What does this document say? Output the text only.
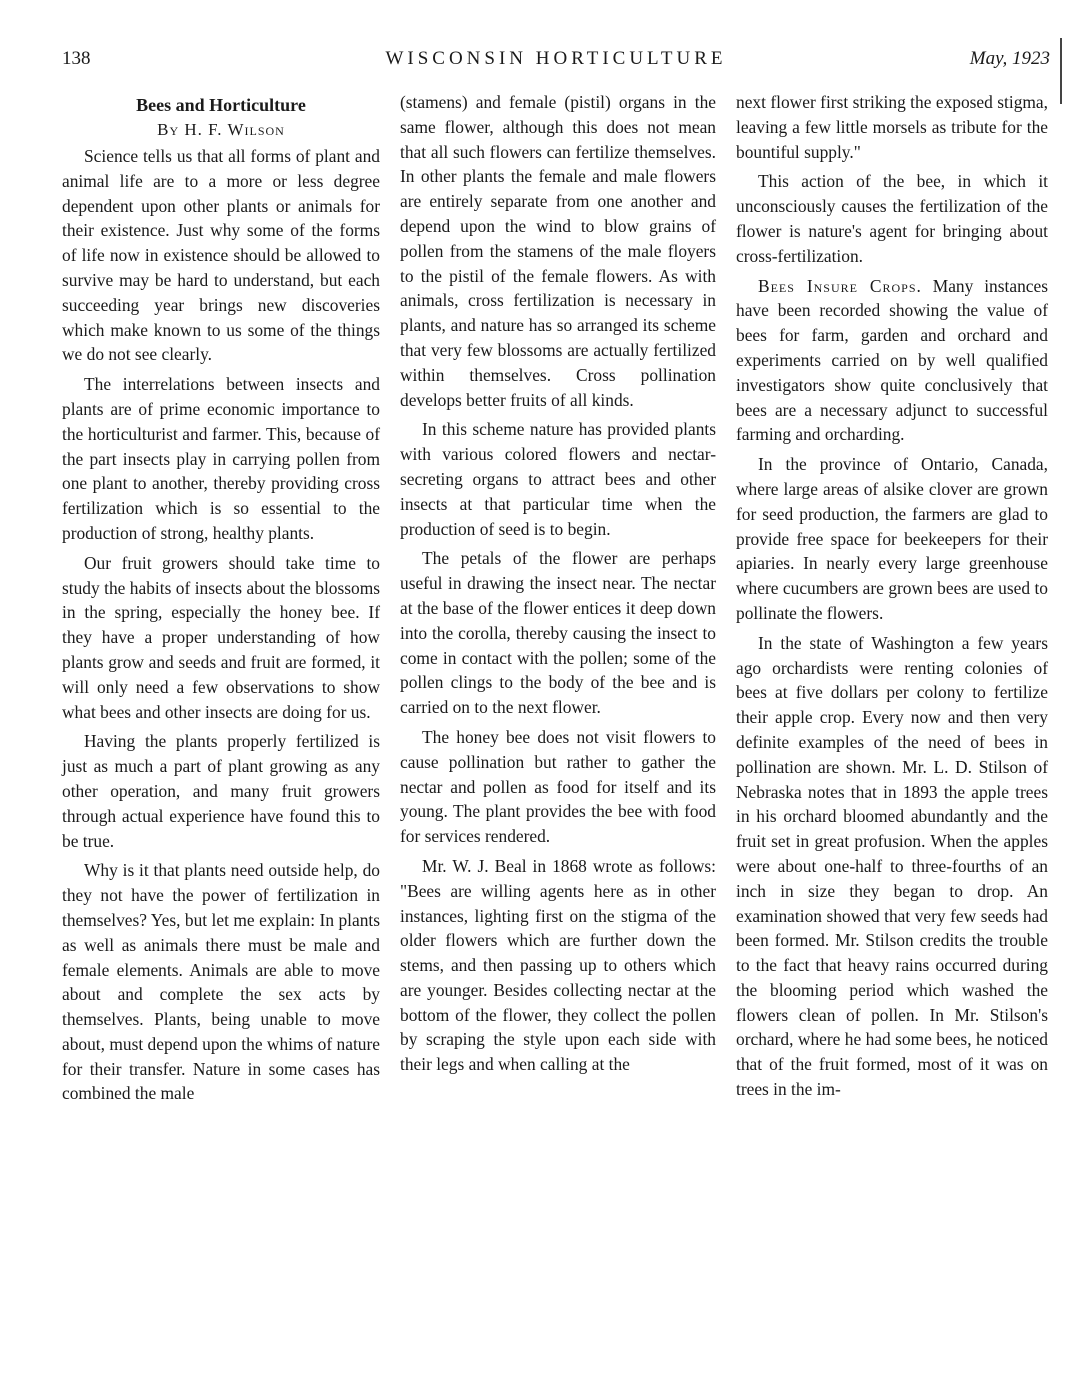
138	WISCONSIN HORTICULTURE	May, 1923
Bees and Horticulture
By H. F. Wilson

Science tells us that all forms of plant and animal life are to a more or less degree dependent upon other plants or animals for their existence. Just why some of the forms of life now in existence should be allowed to survive may be hard to understand, but each succeeding year brings new discoveries which make known to us some of the things we do not see clearly.

The interrelations between insects and plants are of prime economic importance to the horticulturist and farmer. This, because of the part insects play in carrying pollen from one plant to another, thereby providing cross fertilization which is so essential to the production of strong, healthy plants.

Our fruit growers should take time to study the habits of insects about the blossoms in the spring, especially the honey bee. If they have a proper understanding of how plants grow and seeds and fruit are formed, it will only need a few observations to show what bees and other insects are doing for us.

Having the plants properly fertilized is just as much a part of plant growing as any other operation, and many fruit growers through actual experience have found this to be true.

Why is it that plants need outside help, do they not have the power of fertilization in themselves? Yes, but let me explain: In plants as well as animals there must be male and female elements. Animals are able to move about and complete the sex acts by themselves. Plants, being unable to move about, must depend upon the whims of nature for their transfer. Nature in some cases has combined the male

(stamens) and female (pistil) organs in the same flower, although this does not mean that all such flowers can fertilize themselves. In other plants the female and male flowers are entirely separate from one another and depend upon the wind to blow grains of pollen from the stamens of the male floyers to the pistil of the female flowers. As with animals, cross fertilization is necessary in plants, and nature has so arranged its scheme that very few blossoms are actually fertilized within themselves. Cross pollination develops better fruits of all kinds.

In this scheme nature has provided plants with various colored flowers and nectar-secreting organs to attract bees and other insects at that particular time when the production of seed is to begin.

The petals of the flower are perhaps useful in drawing the insect near. The nectar at the base of the flower entices it deep down into the corolla, thereby causing the insect to come in contact with the pollen; some of the pollen clings to the body of the bee and is carried on to the next flower.

The honey bee does not visit flowers to cause pollination but rather to gather the nectar and pollen as food for itself and its young. The plant provides the bee with food for services rendered.

Mr. W. J. Beal in 1868 wrote as follows: "Bees are willing agents here as in other instances, lighting first on the stigma of the older flowers which are further down the stems, and then passing up to others which are younger. Besides collecting nectar at the bottom of the flower, they collect the pollen by scraping the style upon each side with their legs and when calling at the

next flower first striking the exposed stigma, leaving a few little morsels as tribute for the bountiful supply."

This action of the bee, in which it unconsciously causes the fertilization of the flower is nature's agent for bringing about cross-fertilization.

Bees Insure Crops. Many instances have been recorded showing the value of bees for farm, garden and orchard and experiments carried on by well qualified investigators show quite conclusively that bees are a necessary adjunct to successful farming and orcharding.

In the province of Ontario, Canada, where large areas of alsike clover are grown for seed production, the farmers are glad to provide free space for beekeepers for their apiaries. In nearly every large greenhouse where cucumbers are grown bees are used to pollinate the flowers.

In the state of Washington a few years ago orchardists were renting colonies of bees at five dollars per colony to fertilize their apple crop. Every now and then very definite examples of the need of bees in pollination are shown. Mr. L. D. Stilson of Nebraska notes that in 1893 the apple trees in his orchard bloomed abundantly and the fruit set in great profusion. When the apples were about one-half to three-fourths of an inch in size they began to drop. An examination showed that very few seeds had been formed. Mr. Stilson credits the trouble to the fact that heavy rains occurred during the blooming period which washed the flowers clean of pollen. In Mr. Stilson's orchard, where he had some bees, he noticed that of the fruit formed, most of it was on trees in the im-
